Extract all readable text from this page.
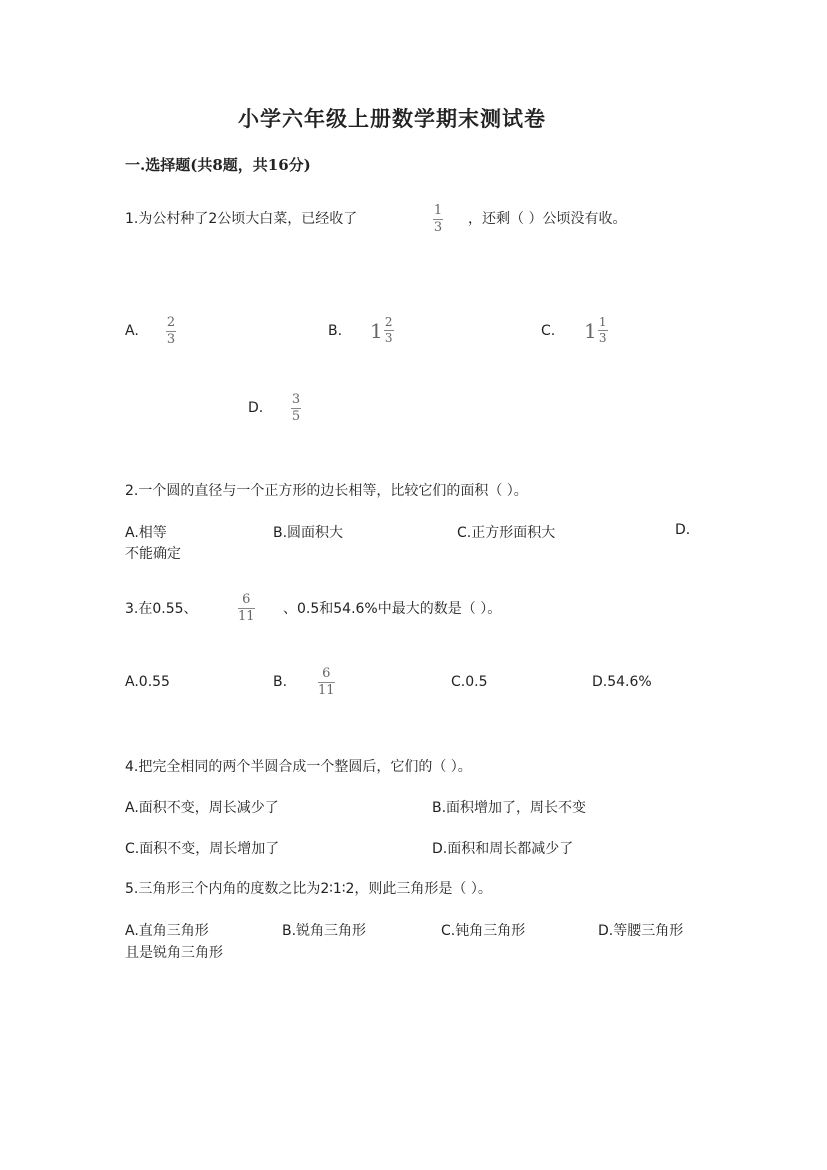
小学六年级上册数学期末测试卷
一.选择题(共8题，共16分)
1.为公村种了2公顷大白菜，已经收了
1
3
，还剩（ ）公顷没有收。
A.
2
3
B. $1 \frac{2}{3}$	C. $1 \frac{1}{3}$
D.
3
5
2.一个圆的直径与一个正方形的边长相等，比较它们的面积（ ）。
A.相等	B.圆面积大	C.正方形面积大	D.
不能确定
3.在0.55、
6
11 、0.5和54.6%中最大的数是（ ）。
A.0.55	B.
6
11
C.0.5	D.54.6%
4.把完全相同的两个半圆合成一个整圆后，它们的（ ）。
A.面积不变，周长减少了	B.面积增加了，周长不变
C.面积不变，周长增加了	D.面积和周长都减少了
5.三角形三个内角的度数之比为2∶1∶2，则此三角形是（ ）。
A.直角三角形	B.锐角三角形	C.钝角三角形	D.等腰三角形
且是锐角三角形
